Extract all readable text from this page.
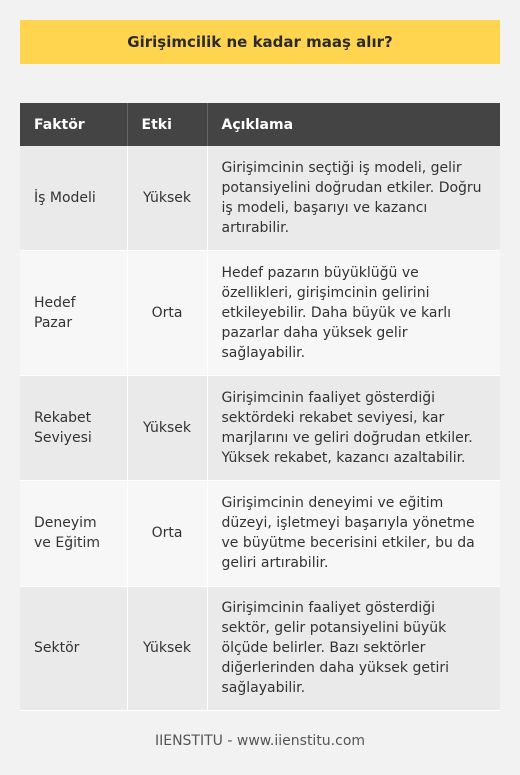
Girişimcilik ne kadar maaş alır?
Faktör	Etki	Açıklama
İş Modeli	Yüksek	Girişimcinin seçtiği iş modeli, gelir potansiyelini doğrudan etkiler. Doğru iş modeli, başarıyı ve kazancı artırabilir.
Hedef Pazar	Orta	Hedef pazarın büyüklüğü ve özellikleri, girişimcinin gelirini etkileyebilir. Daha büyük ve karlı pazarlar daha yüksek gelir sağlayabilir.
Rekabet Seviyesi	Yüksek	Girişimcinin faaliyet gösterdiği sektördeki rekabet seviyesi, kar marjlarını ve geliri doğrudan etkiler. Yüksek rekabet, kazancı azaltabilir.
Deneyim ve Eğitim	Orta	Girişimcinin deneyimi ve eğitim düzeyi, işletmeyi başarıyla yönetme ve büyütme becerisini etkiler, bu da geliri artırabilir.
Sektör	Yüksek	Girişimcinin faaliyet gösterdiği sektör, gelir potansiyelini büyük ölçüde belirler. Bazı sektörler diğerlerinden daha yüksek getiri sağlayabilir.
IIENSTITU - www.iienstitu.com
